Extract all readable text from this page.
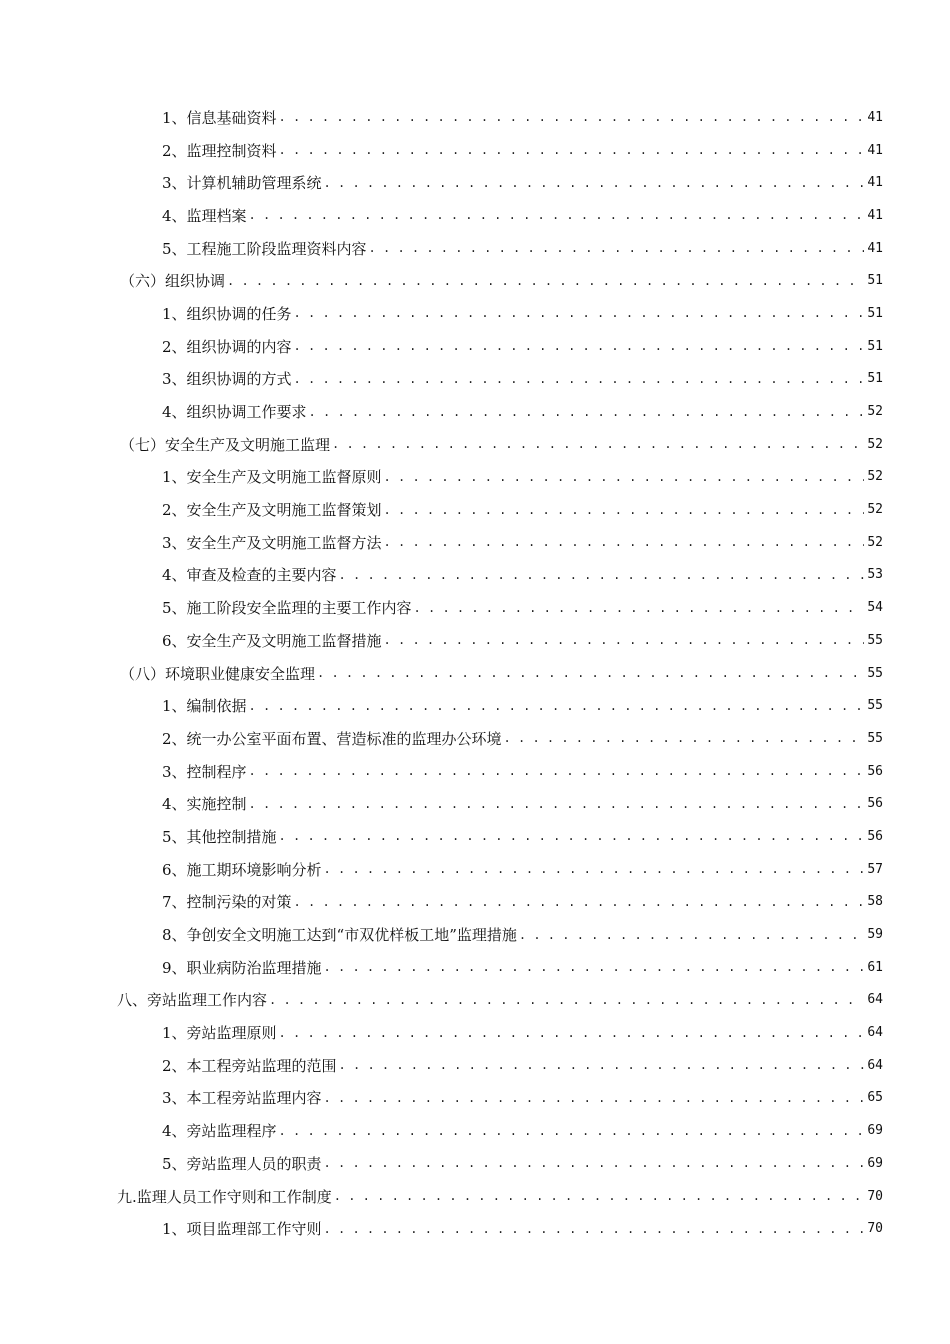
1、信息基础资料 . . .	41
2、监理控制资料 . . .	41
3、计算机辅助管理系统 . . .	41
4、监理档案 . . .	41
5、工程施工阶段监理资料内容 . . .	41
（六）组织协调 . . .	51
1、组织协调的任务 . . .	51
2、组织协调的内容 . . .	51
3、组织协调的方式 . . .	51
4、组织协调工作要求 . . .	52
（七）安全生产及文明施工监理 . . .	52
1、安全生产及文明施工监督原则 . . .	52
2、安全生产及文明施工监督策划 . . .	52
3、安全生产及文明施工监督方法 . . .	52
4、审查及检查的主要内容 . . .	53
5、施工阶段安全监理的主要工作内容 . . .	54
6、安全生产及文明施工监督措施 . . .	55
（八）环境职业健康安全监理 . . .	55
1、编制依据 . . .	55
2、统一办公室平面布置、营造标准的监理办公环境 . . .	55
3、控制程序 . . .	56
4、实施控制 . . .	56
5、其他控制措施 . . .	56
6、施工期环境影响分析 . . .	57
7、控制污染的对策 . . .	58
8、争创安全文明施工达到“市双优样板工地”监理措施 . . .	59
9、职业病防治监理措施 . . .	61
八、旁站监理工作内容 . . .	64
1、旁站监理原则 . . .	64
2、本工程旁站监理的范围 . . .	64
3、本工程旁站监理内容 . . .	65
4、旁站监理程序 . . .	69
5、旁站监理人员的职责 . . .	69
九.监理人员工作守则和工作制度 . . .	70
1、项目监理部工作守则 . . .	70
